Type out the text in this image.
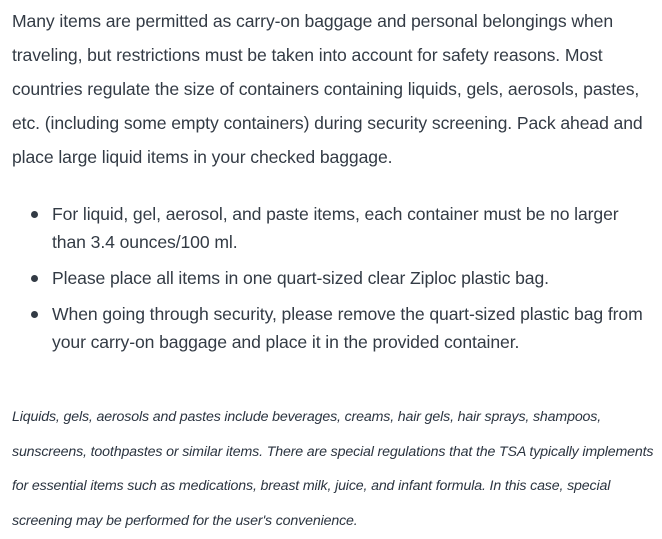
Many items are permitted as carry-on baggage and personal belongings when traveling, but restrictions must be taken into account for safety reasons. Most countries regulate the size of containers containing liquids, gels, aerosols, pastes, etc. (including some empty containers) during security screening. Pack ahead and place large liquid items in your checked baggage.

For liquid, gel, aerosol, and paste items, each container must be no larger than 3.4 ounces/100 ml.
Please place all items in one quart-sized clear Ziploc plastic bag.
When going through security, please remove the quart-sized plastic bag from your carry-on baggage and place it in the provided container.

Liquids, gels, aerosols and pastes include beverages, creams, hair gels, hair sprays, shampoos, sunscreens, toothpastes or similar items. There are special regulations that the TSA typically implements for essential items such as medications, breast milk, juice, and infant formula. In this case, special screening may be performed for the user's convenience.
